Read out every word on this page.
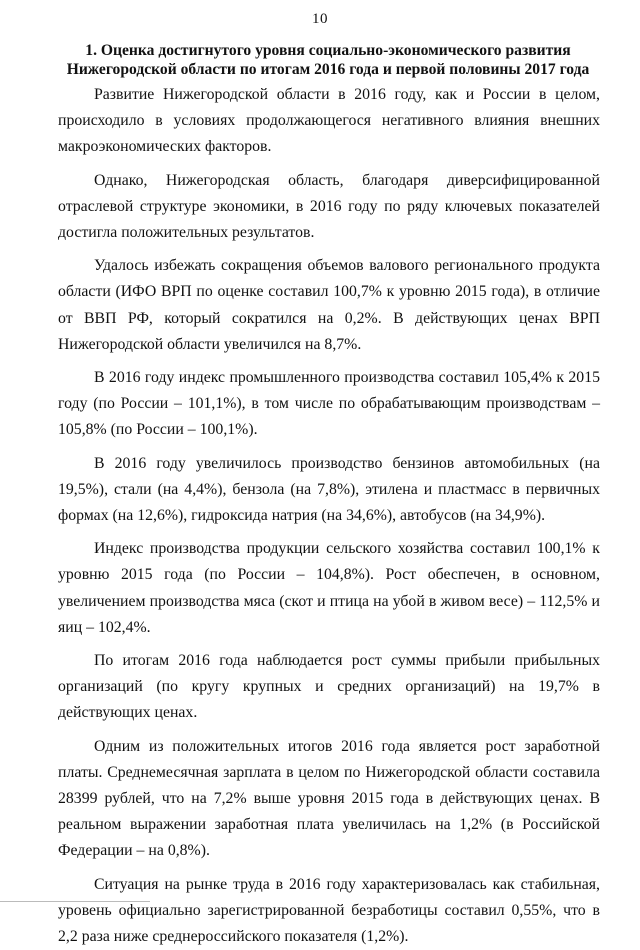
10
1. Оценка достигнутого уровня социально-экономического развития
Нижегородской области по итогам 2016 года и первой половины 2017 года

Развитие Нижегородской области в 2016 году, как и России в целом, происходило в условиях продолжающегося негативного влияния внешних макроэкономических факторов.

Однако, Нижегородская область, благодаря диверсифицированной отраслевой структуре экономики, в 2016 году по ряду ключевых показателей достигла положительных результатов.

Удалось избежать сокращения объемов валового регионального продукта области (ИФО ВРП по оценке составил 100,7% к уровню 2015 года), в отличие от ВВП РФ, который сократился на 0,2%. В действующих ценах ВРП Нижегородской области увеличился на 8,7%.

В 2016 году индекс промышленного производства составил 105,4% к 2015 году (по России – 101,1%), в том числе по обрабатывающим производствам – 105,8% (по России – 100,1%).

В 2016 году увеличилось производство бензинов автомобильных (на 19,5%), стали (на 4,4%), бензола (на 7,8%), этилена и пластмасс в первичных формах (на 12,6%), гидроксида натрия (на 34,6%), автобусов (на 34,9%).

Индекс производства продукции сельского хозяйства составил 100,1% к уровню 2015 года (по России – 104,8%). Рост обеспечен, в основном, увеличением производства мяса (скот и птица на убой в живом весе) – 112,5% и яиц – 102,4%.

По итогам 2016 года наблюдается рост суммы прибыли прибыльных организаций (по кругу крупных и средних организаций) на 19,7% в действующих ценах.

Одним из положительных итогов 2016 года является рост заработной платы. Среднемесячная зарплата в целом по Нижегородской области составила 28399 рублей, что на 7,2% выше уровня 2015 года в действующих ценах. В реальном выражении заработная плата увеличилась на 1,2% (в Российской Федерации – на 0,8%).

Ситуация на рынке труда в 2016 году характеризовалась как стабильная, уровень официально зарегистрированной безработицы составил 0,55%, что в 2,2 раза ниже среднероссийского показателя (1,2%).
